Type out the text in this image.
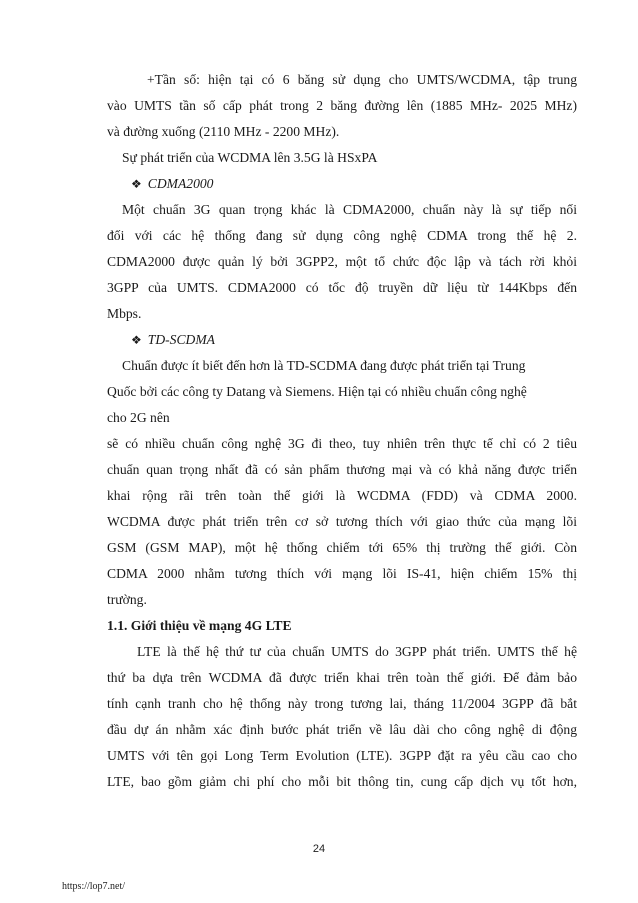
+Tần số: hiện tại có 6 băng sử dụng cho UMTS/WCDMA, tập trung

vào UMTS tần số cấp phát trong 2 băng đường lên (1885 MHz- 2025 MHz)

và đường xuống (2110 MHz - 2200 MHz).

Sự phát triển của WCDMA lên 3.5G là HSxPA

❖ CDMA2000

Một chuẩn 3G quan trọng khác là CDMA2000, chuẩn này là sự tiếp nối

đối với các hệ thống đang sử dụng công nghệ CDMA trong thế hệ 2.

CDMA2000 được quản lý bởi 3GPP2, một tổ chức độc lập và tách rời khỏi

3GPP của UMTS. CDMA2000 có tốc độ truyền dữ liệu từ 144Kbps đến

Mbps.

❖ TD-SCDMA

Chuẩn được ít biết đến hơn là TD-SCDMA đang được phát triển tại Trung

Quốc bởi các công ty Datang và Siemens. Hiện tại có nhiều chuẩn công nghệ

cho 2G nên

sẽ có nhiều chuẩn công nghệ 3G đi theo, tuy nhiên trên thực tế chỉ có 2 tiêu

chuẩn quan trọng nhất đã có sản phẩm thương mại và có khả năng được triển

khai rộng rãi trên toàn thế giới là WCDMA (FDD) và CDMA 2000.

WCDMA được phát triển trên cơ sở tương thích với giao thức của mạng lõi

GSM (GSM MAP), một hệ thống chiếm tới 65% thị trường thế giới. Còn

CDMA 2000 nhằm tương thích với mạng lõi IS-41, hiện chiếm 15% thị

trường.

1.1. Giới thiệu về mạng 4G LTE

LTE là thế hệ thứ tư của chuẩn UMTS do 3GPP phát triển. UMTS thế hệ

thứ ba dựa trên WCDMA đã được triển khai trên toàn thế giới. Để đảm bảo

tính cạnh tranh cho hệ thống này trong tương lai, tháng 11/2004 3GPP đã bắt

đầu dự án nhằm xác định bước phát triển về lâu dài cho công nghệ di động

UMTS với tên gọi Long Term Evolution (LTE). 3GPP đặt ra yêu cầu cao cho

LTE, bao gồm giảm chi phí cho mỗi bit thông tin, cung cấp dịch vụ tốt hơn,

24
https://lop7.net/
